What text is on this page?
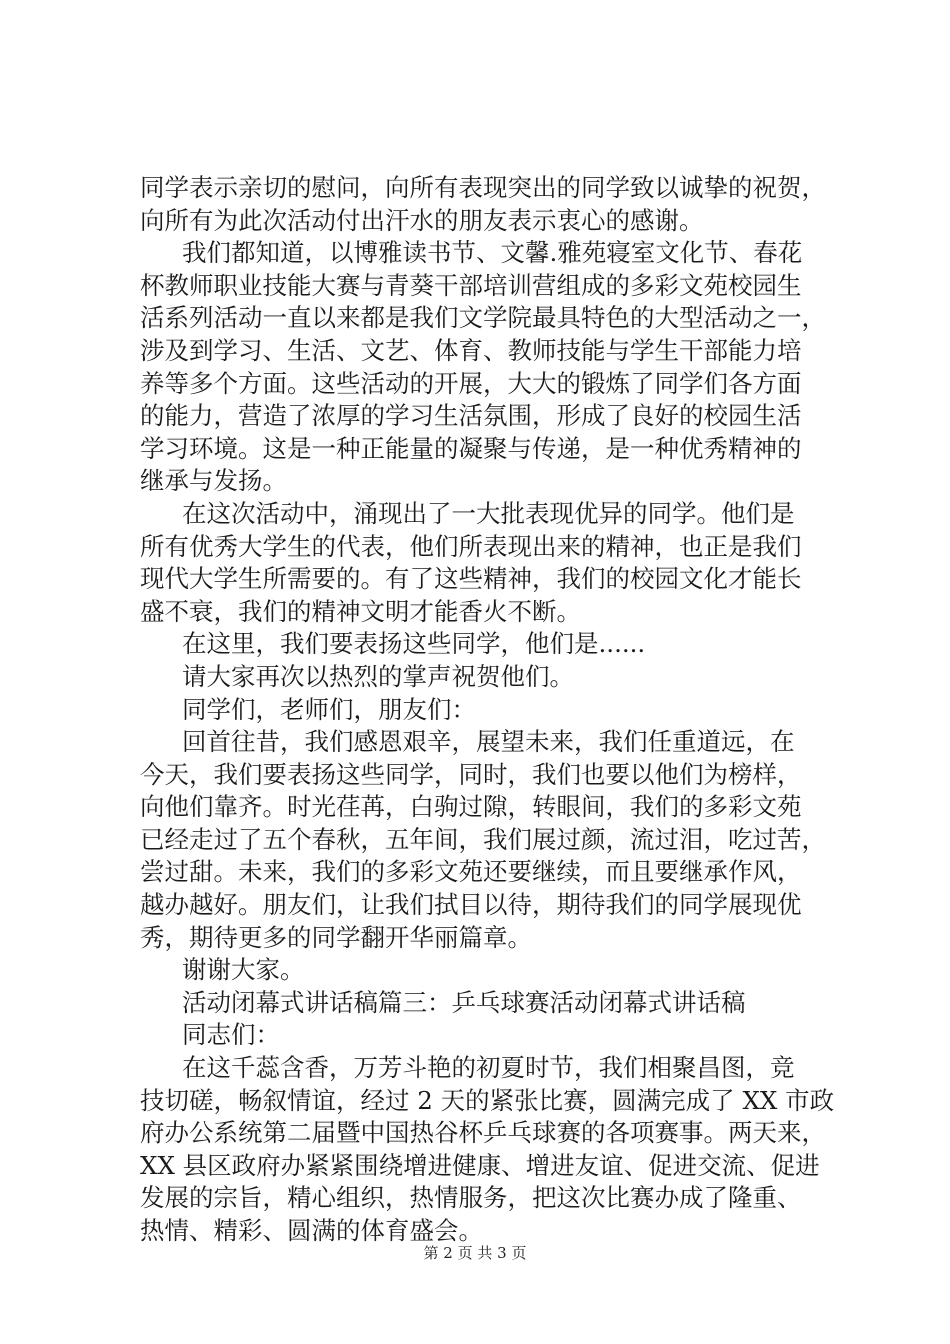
同学表示亲切的慰问，向所有表现突出的同学致以诚挚的祝贺，
向所有为此次活动付出汗水的朋友表示衷心的感谢。
我们都知道，以博雅读书节、文馨.雅苑寝室文化节、春花
杯教师职业技能大赛与青葵干部培训营组成的多彩文苑校园生
活系列活动一直以来都是我们文学院最具特色的大型活动之一，
涉及到学习、生活、文艺、体育、教师技能与学生干部能力培
养等多个方面。这些活动的开展，大大的锻炼了同学们各方面
的能力，营造了浓厚的学习生活氛围，形成了良好的校园生活
学习环境。这是一种正能量的凝聚与传递，是一种优秀精神的
继承与发扬。
在这次活动中，涌现出了一大批表现优异的同学。他们是
所有优秀大学生的代表，他们所表现出来的精神，也正是我们
现代大学生所需要的。有了这些精神，我们的校园文化才能长
盛不衰，我们的精神文明才能香火不断。
在这里，我们要表扬这些同学，他们是......
请大家再次以热烈的掌声祝贺他们。
同学们，老师们，朋友们：
回首往昔，我们感恩艰辛，展望未来，我们任重道远，在
今天，我们要表扬这些同学，同时，我们也要以他们为榜样，
向他们靠齐。时光荏苒，白驹过隙，转眼间，我们的多彩文苑
已经走过了五个春秋，五年间，我们展过颜，流过泪，吃过苦，
尝过甜。未来，我们的多彩文苑还要继续，而且要继承作风，
越办越好。朋友们，让我们拭目以待，期待我们的同学展现优
秀，期待更多的同学翻开华丽篇章。
谢谢大家。
活动闭幕式讲话稿篇三：乒乓球赛活动闭幕式讲话稿
同志们：
在这千蕊含香，万芳斗艳的初夏时节，我们相聚昌图，竞
技切磋，畅叙情谊，经过 2 天的紧张比赛，圆满完成了 XX 市政
府办公系统第二届暨中国热谷杯乒乓球赛的各项赛事。两天来，
XX 县区政府办紧紧围绕增进健康、增进友谊、促进交流、促进
发展的宗旨，精心组织，热情服务，把这次比赛办成了隆重、
热情、精彩、圆满的体育盛会。
第 2 页 共 3 页
